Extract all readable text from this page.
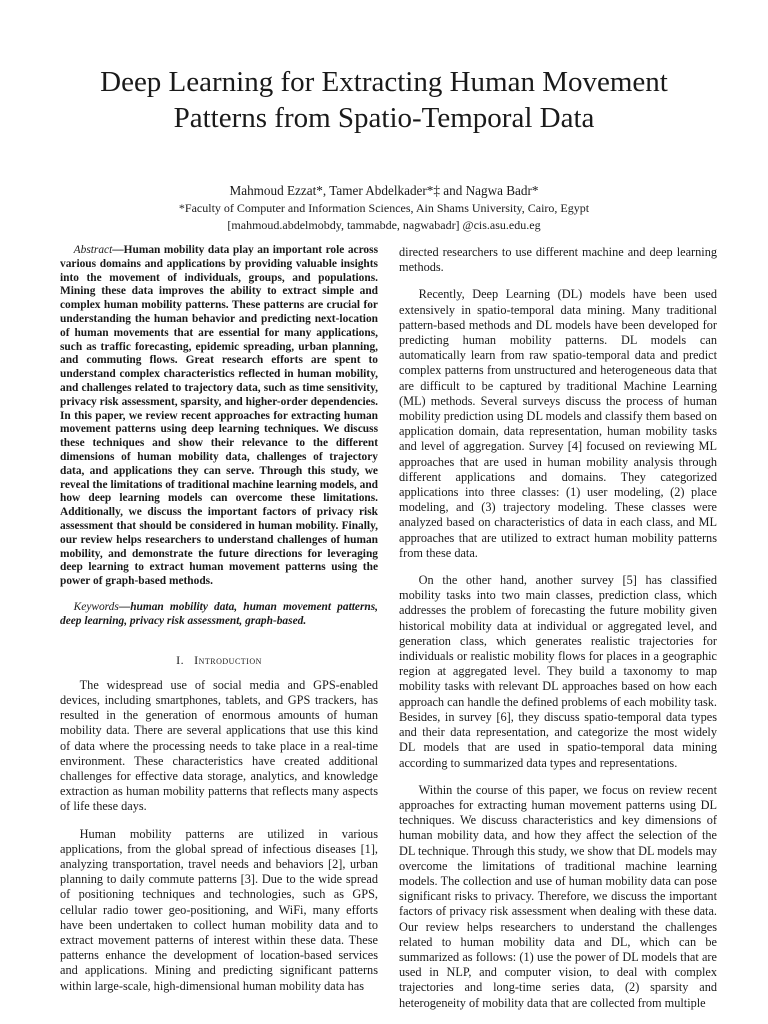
Deep Learning for Extracting Human Movement
Patterns from Spatio-Temporal Data
Mahmoud Ezzat*, Tamer Abdelkader*‡ and Nagwa Badr*
*Faculty of Computer and Information Sciences, Ain Shams University, Cairo, Egypt
[mahmoud.abdelmobdy, tammabde, nagwabadr] @cis.asu.edu.eg

Abstract—Human mobility data play an important role across various domains and applications by providing valuable insights into the movement of individuals, groups, and populations. Mining these data improves the ability to extract simple and complex human mobility patterns. These patterns are crucial for understanding the human behavior and predicting next-location of human movements that are essential for many applications, such as traffic forecasting, epidemic spreading, urban planning, and commuting flows. Great research efforts are spent to understand complex characteristics reflected in human mobility, and challenges related to trajectory data, such as time sensitivity, privacy risk assessment, sparsity, and higher-order dependencies. In this paper, we review recent approaches for extracting human movement patterns using deep learning techniques. We discuss these techniques and show their relevance to the different dimensions of human mobility data, challenges of trajectory data, and applications they can serve. Through this study, we reveal the limitations of traditional machine learning models, and how deep learning models can overcome these limitations. Additionally, we discuss the important factors of privacy risk assessment that should be considered in human mobility. Finally, our review helps researchers to understand challenges of human mobility, and demonstrate the future directions for leveraging deep learning to extract human movement patterns using the power of graph-based methods.

Keywords—human mobility data, human movement patterns, deep learning, privacy risk assessment, graph-based.

I. Introduction

The widespread use of social media and GPS-enabled devices, including smartphones, tablets, and GPS trackers, has resulted in the generation of enormous amounts of human mobility data. There are several applications that use this kind of data where the processing needs to take place in a real-time environment. These characteristics have created additional challenges for effective data storage, analytics, and knowledge extraction as human mobility patterns that reflects many aspects of life these days.

Human mobility patterns are utilized in various applications, from the global spread of infectious diseases [1], analyzing transportation, travel needs and behaviors [2], urban planning to daily commute patterns [3]. Due to the wide spread of positioning techniques and technologies, such as GPS, cellular radio tower geo-positioning, and WiFi, many efforts have been undertaken to collect human mobility data and to extract movement patterns of interest within these data. These patterns enhance the development of location-based services and applications. Mining and predicting significant patterns within large-scale, high-dimensional human mobility data has

directed researchers to use different machine and deep learning methods.

Recently, Deep Learning (DL) models have been used extensively in spatio-temporal data mining. Many traditional pattern-based methods and DL models have been developed for predicting human mobility patterns. DL models can automatically learn from raw spatio-temporal data and predict complex patterns from unstructured and heterogeneous data that are difficult to be captured by traditional Machine Learning (ML) methods. Several surveys discuss the process of human mobility prediction using DL models and classify them based on application domain, data representation, human mobility tasks and level of aggregation. Survey [4] focused on reviewing ML approaches that are used in human mobility analysis through different applications and domains. They categorized applications into three classes: (1) user modeling, (2) place modeling, and (3) trajectory modeling. These classes were analyzed based on characteristics of data in each class, and ML approaches that are utilized to extract human mobility patterns from these data.

On the other hand, another survey [5] has classified mobility tasks into two main classes, prediction class, which addresses the problem of forecasting the future mobility given historical mobility data at individual or aggregated level, and generation class, which generates realistic trajectories for individuals or realistic mobility flows for places in a geographic region at aggregated level. They build a taxonomy to map mobility tasks with relevant DL approaches based on how each approach can handle the defined problems of each mobility task. Besides, in survey [6], they discuss spatio-temporal data types and their data representation, and categorize the most widely DL models that are used in spatio-temporal data mining according to summarized data types and representations.

Within the course of this paper, we focus on review recent approaches for extracting human movement patterns using DL techniques. We discuss characteristics and key dimensions of human mobility data, and how they affect the selection of the DL technique. Through this study, we show that DL models may overcome the limitations of traditional machine learning models. The collection and use of human mobility data can pose significant risks to privacy. Therefore, we discuss the important factors of privacy risk assessment when dealing with these data. Our review helps researchers to understand the challenges related to human mobility data and DL, which can be summarized as follows: (1) use the power of DL models that are used in NLP, and computer vision, to deal with complex trajectories and long-time series data, (2) sparsity and heterogeneity of mobility data that are collected from multiple
